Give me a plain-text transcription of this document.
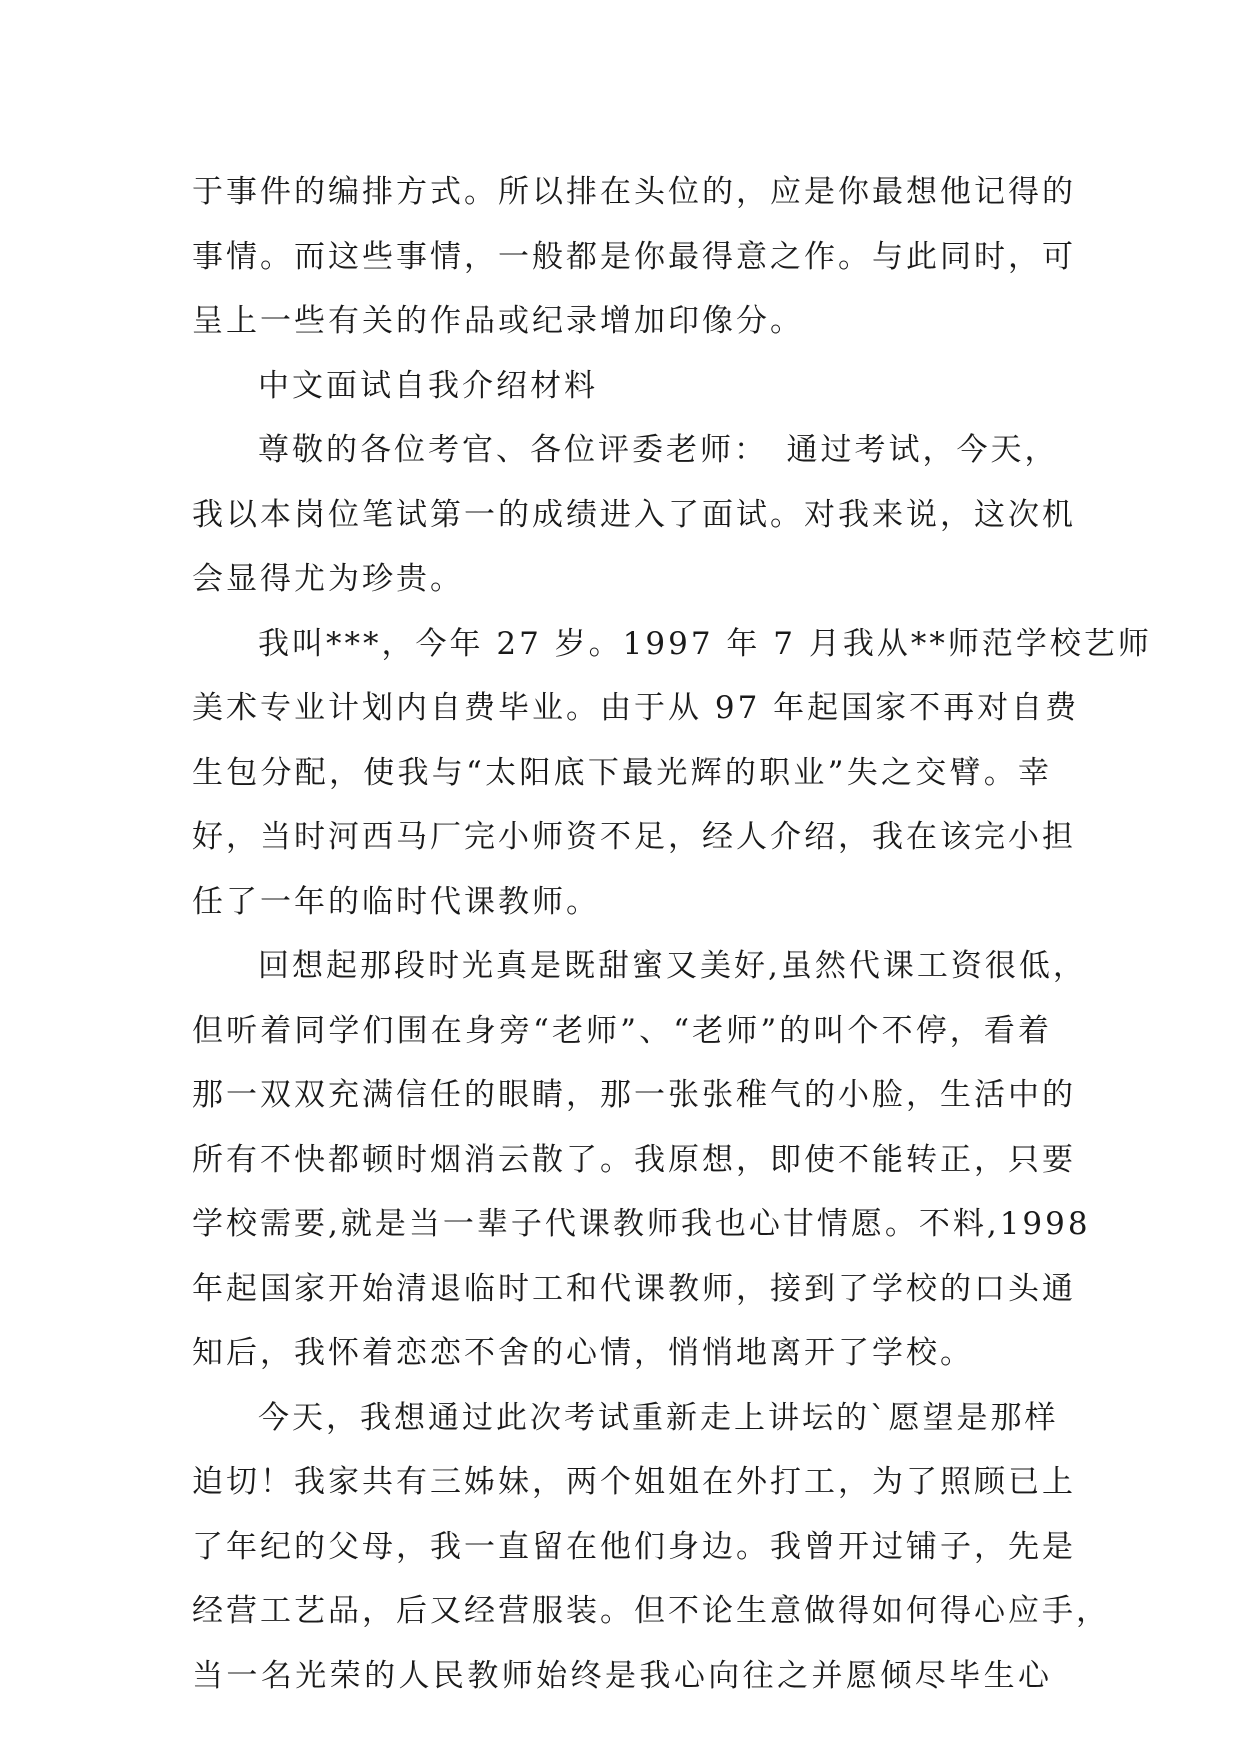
于事件的编排方式。所以排在头位的，应是你最想他记得的
事情。而这些事情，一般都是你最得意之作。与此同时，可
呈上一些有关的作品或纪录增加印像分。
中文面试自我介绍材料
尊敬的各位考官、各位评委老师：　通过考试，今天，
我以本岗位笔试第一的成绩进入了面试。对我来说，这次机
会显得尤为珍贵。
我叫***，今年 27 岁。1997 年 7 月我从**师范学校艺师
美术专业计划内自费毕业。由于从 97 年起国家不再对自费
生包分配，使我与“太阳底下最光辉的职业”失之交臂。幸
好，当时河西马厂完小师资不足，经人介绍，我在该完小担
任了一年的临时代课教师。
回想起那段时光真是既甜蜜又美好,虽然代课工资很低，
但听着同学们围在身旁“老师”、“老师”的叫个不停，看着
那一双双充满信任的眼睛，那一张张稚气的小脸，生活中的
所有不快都顿时烟消云散了。我原想，即使不能转正，只要
学校需要,就是当一辈子代课教师我也心甘情愿。不料,1998
年起国家开始清退临时工和代课教师，接到了学校的口头通
知后，我怀着恋恋不舍的心情，悄悄地离开了学校。
今天，我想通过此次考试重新走上讲坛的`愿望是那样
迫切！我家共有三姊妹，两个姐姐在外打工，为了照顾已上
了年纪的父母，我一直留在他们身边。我曾开过铺子，先是
经营工艺品，后又经营服装。但不论生意做得如何得心应手，
当一名光荣的人民教师始终是我心向往之并愿倾尽毕生心
